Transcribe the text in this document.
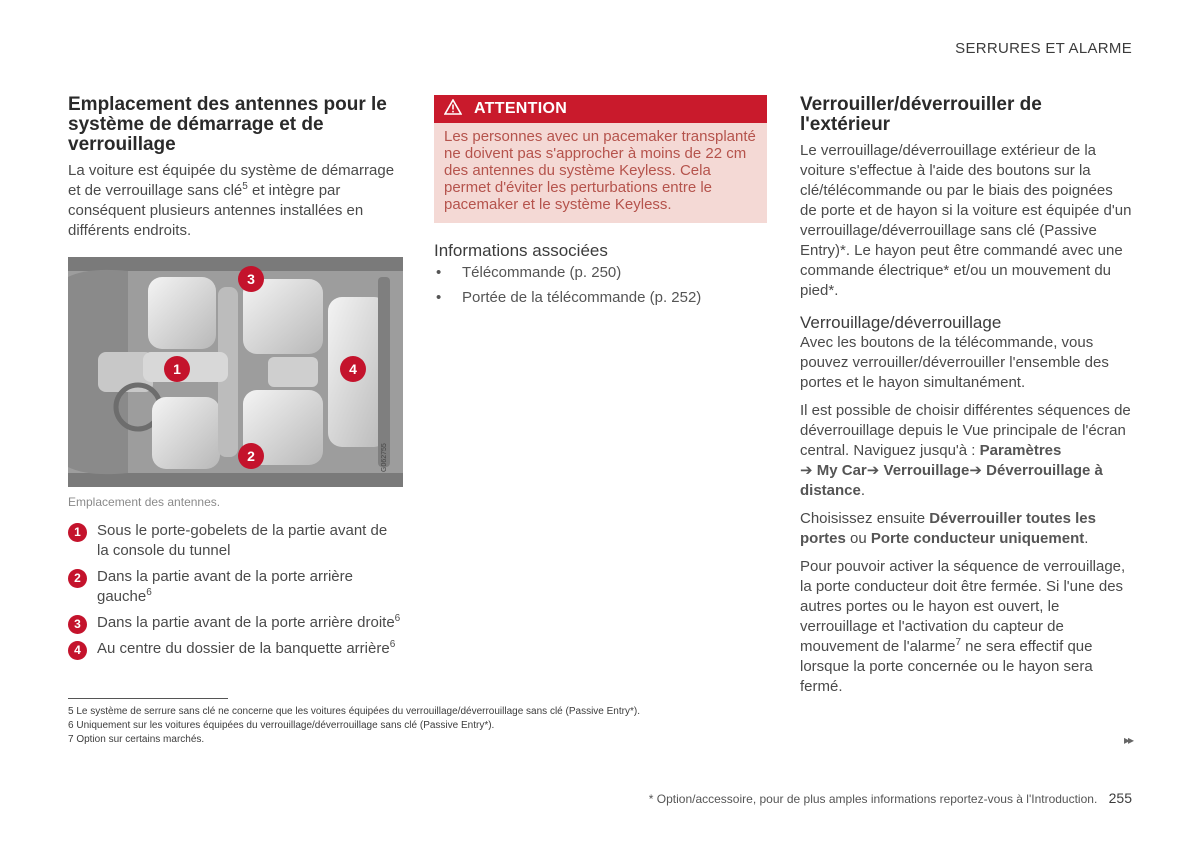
SERRURES ET ALARME
Emplacement des antennes pour le système de démarrage et de verrouillage

La voiture est équipée du système de démarrage et de verrouillage sans clé$^5$ et intègre par conséquent plusieurs antennes installées en différents endroits.

1
2
3
4
G062755
Emplacement des antennes.
1	Sous le porte-gobelets de la partie avant de la console du tunnel
2	Dans la partie avant de la porte arrière gauche$^6$
3	Dans la partie avant de la porte arrière droite$^6$
4	Au centre du dossier de la banquette arrière$^6$
ATTENTION
Les personnes avec un pacemaker transplanté ne doivent pas s'approcher à moins de 22 cm des antennes du système Keyless. Cela permet d'éviter les perturbations entre le pacemaker et le système Keyless.
Informations associées
• Télécommande (p. 250)
• Portée de la télécommande (p. 252)
Verrouiller/déverrouiller de l'extérieur

Le verrouillage/déverrouillage extérieur de la voiture s'effectue à l'aide des boutons sur la clé/télécommande ou par le biais des poignées de porte et de hayon si la voiture est équipée d'un verrouillage/déverrouillage sans clé (Passive Entry)*. Le hayon peut être commandé avec une commande électrique* et/ou un mouvement du pied*.

Verrouillage/déverrouillage

Avec les boutons de la télécommande, vous pouvez verrouiller/déverrouiller l'ensemble des portes et le hayon simultanément.

Il est possible de choisir différentes séquences de déverrouillage depuis le Vue principale de l'écran central. Naviguez jusqu'à : Paramètres
➔ My Car➔ Verrouillage➔ Déverrouillage à distance.

Choisissez ensuite Déverrouiller toutes les portes ou Porte conducteur uniquement.

Pour pouvoir activer la séquence de verrouillage, la porte conducteur doit être fermée. Si l'une des autres portes ou le hayon est ouvert, le verrouillage et l'activation du capteur de mouvement de l'alarme$^7$ ne sera effectif que lorsque la porte concernée ou le hayon sera fermé.

5 Le système de serrure sans clé ne concerne que les voitures équipées du verrouillage/déverrouillage sans clé (Passive Entry*).
6 Uniquement sur les voitures équipées du verrouillage/déverrouillage sans clé (Passive Entry*).
7 Option sur certains marchés.	▸▸
* Option/accessoire, pour de plus amples informations reportez-vous à l'Introduction. 255
